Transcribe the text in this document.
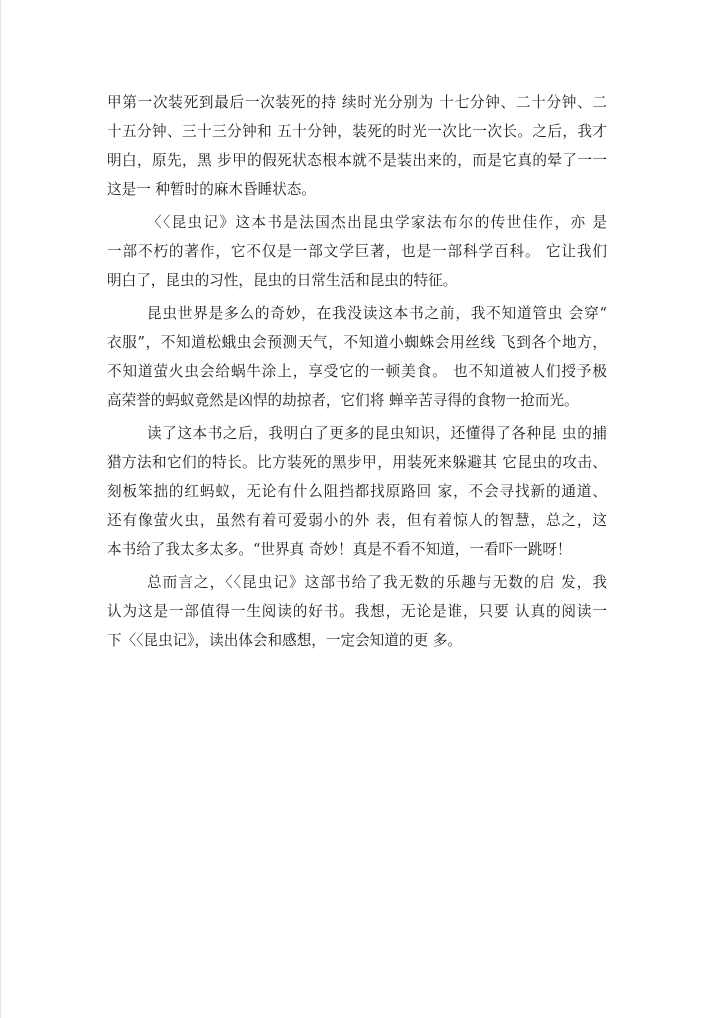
甲第一次装死到最后一次装死的持 续时光分别为 十七分钟、二十分钟、二
十五分钟、三十三分钟和 五十分钟，装死的时光一次比一次长。之后，我才
明白，原先，黑 步甲的假死状态根本就不是装出来的，而是它真的晕了一一
这是一 种暂时的麻木昏睡状态。
〈〈昆虫记》这本书是法国杰出昆虫学家法布尔的传世佳作，亦 是
一部不朽的著作，它不仅是一部文学巨著，也是一部科学百科。 它让我们
明白了，昆虫的习性，昆虫的日常生活和昆虫的特征。
昆虫世界是多么的奇妙，在我没读这本书之前，我不知道管虫 会穿“
衣服”，不知道松蛾虫会预测天气，不知道小蜘蛛会用丝线 飞到各个地方，
不知道萤火虫会给蜗牛涂上，享受它的一顿美食。 也不知道被人们授予极
高荣誉的蚂蚁竟然是凶悍的劫掠者，它们将 蝉辛苦寻得的食物一抢而光。
读了这本书之后，我明白了更多的昆虫知识，还懂得了各种昆 虫的捕
猎方法和它们的特长。比方装死的黑步甲，用装死来躲避其 它昆虫的攻击、
刻板笨拙的红蚂蚁，无论有什么阻挡都找原路回 家，不会寻找新的通道、
还有像萤火虫，虽然有着可爱弱小的外 表，但有着惊人的智慧，总之，这
本书给了我太多太多。“世界真 奇妙！真是不看不知道，一看吓一跳呀！
总而言之，〈〈昆虫记》这部书给了我无数的乐趣与无数的启 发，我
认为这是一部值得一生阅读的好书。我想，无论是谁，只要 认真的阅读一
下〈〈昆虫记》，读出体会和感想，一定会知道的更 多。
